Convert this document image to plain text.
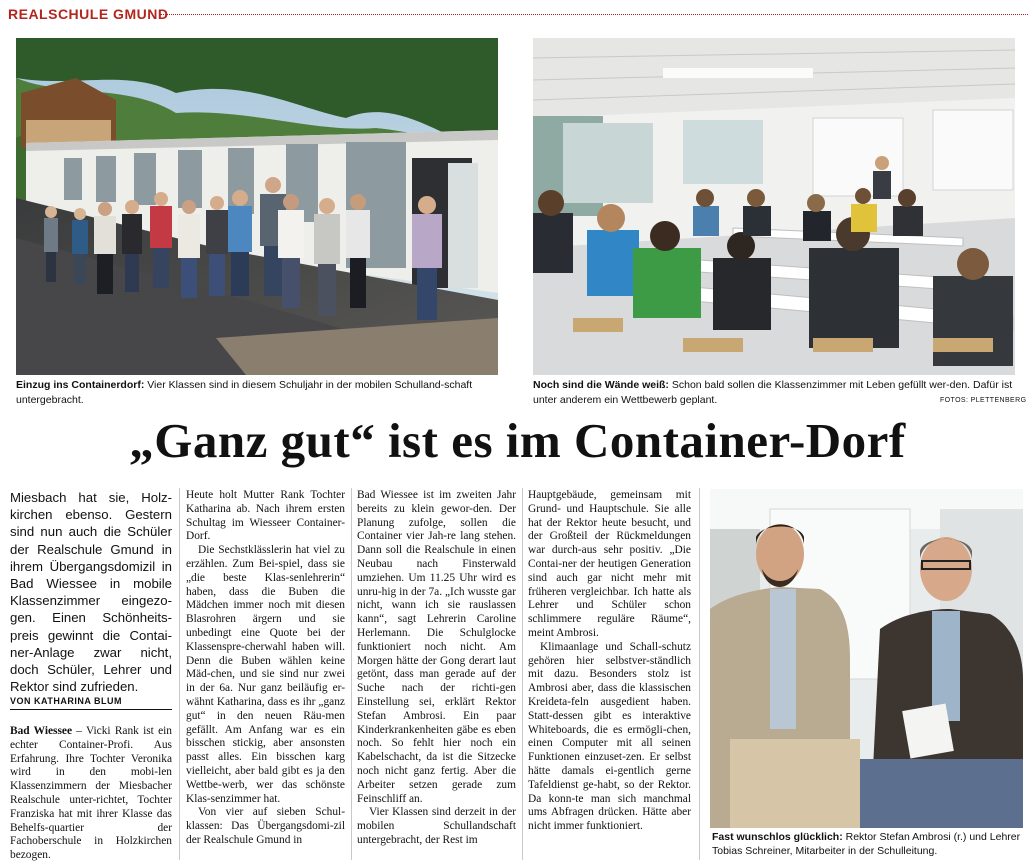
REALSCHULE GMUND
Einzug ins Containerdorf: Vier Klassen sind in diesem Schuljahr in der mobilen Schulland-schaft untergebracht.
Noch sind die Wände weiß: Schon bald sollen die Klassenzimmer mit Leben gefüllt wer-den. Dafür ist unter anderem ein Wettbewerb geplant.	FOTOS: PLETTENBERG
„Ganz gut“ ist es im Container-Dorf
Miesbach hat sie, Holz-kirchen ebenso. Gestern sind nun auch die Schüler der Realschule Gmund in ihrem Übergangsdomizil in Bad Wiessee in mobile Klassenzimmer eingezo-gen. Einen Schönheits-preis gewinnt die Contai-ner-Anlage zwar nicht, doch Schüler, Lehrer und Rektor sind zufrieden.
VON KATHARINA BLUM

Bad Wiessee – Vicki Rank ist ein echter Container-Profi. Aus Erfahrung. Ihre Tochter Veronika wird in den mobi-len Klassenzimmern der Miesbacher Realschule unter-richtet, Tochter Franziska hat mit ihrer Klasse das Behelfs-quartier der Fachoberschule in Holzkirchen bezogen.

Heute holt Mutter Rank Tochter Katharina ab. Nach ihrem ersten Schultag im Wiesseer Container-Dorf.

Die Sechstklässlerin hat viel zu erzählen. Zum Bei-spiel, dass sie „die beste Klas-senlehrerin“ haben, dass die Buben die Mädchen immer noch mit diesen Blasrohren ärgern und sie unbedingt eine Quote bei der Klassenspre-cherwahl haben will. Denn die Buben wählen keine Mäd-chen, und sie sind nur zwei in der 6a. Nur ganz beiläufig er-wähnt Katharina, dass es ihr „ganz gut“ in den neuen Räu-men gefällt. Am Anfang war es ein bisschen stickig, aber ansonsten passt alles. Ein bisschen karg vielleicht, aber bald gibt es ja den Wettbe-werb, wer das schönste Klas-senzimmer hat.

Von vier auf sieben Schul-klassen: Das Übergangsdomi-zil der Realschule Gmund in

Bad Wiessee ist im zweiten Jahr bereits zu klein gewor-den. Der Planung zufolge, sollen die Container vier Jah-re lang stehen. Dann soll die Realschule in einen Neubau nach Finsterwald umziehen. Um 11.25 Uhr wird es unru-hig in der 7a. „Ich wusste gar nicht, wann ich sie rauslassen kann“, sagt Lehrerin Caroline Herlemann. Die Schulglocke funktioniert noch nicht. Am Morgen hätte der Gong derart laut getönt, dass man gerade auf der Suche nach der richti-gen Einstellung sei, erklärt Rektor Stefan Ambrosi. Ein paar Kinderkrankenheiten gäbe es eben noch. So fehlt hier noch ein Kabelschacht, da ist die Sitzecke noch nicht ganz fertig. Aber die Arbeiter setzen gerade zum Feinschliff an.

Vier Klassen sind derzeit in der mobilen Schullandschaft untergebracht, der Rest im

Hauptgebäude, gemeinsam mit Grund- und Hauptschule. Sie alle hat der Rektor heute besucht, und der Großteil der Rückmeldungen war durch-aus sehr positiv. „Die Contai-ner der heutigen Generation sind auch gar nicht mehr mit früheren vergleichbar. Ich hatte als Lehrer und Schüler schon schlimmere reguläre Räume“, meint Ambrosi.

Klimaanlage und Schall-schutz gehören hier selbstver-ständlich mit dazu. Besonders stolz ist Ambrosi aber, dass die klassischen Kreideta-feln ausgedient haben. Statt-dessen gibt es interaktive Whiteboards, die es ermögli-chen, einen Computer mit all seinen Funktionen einzuset-zen. Er selbst hätte damals ei-gentlich gerne Tafeldienst ge-habt, so der Rektor. Da konn-te man sich manchmal ums Abfragen drücken. Hätte aber nicht immer funktioniert.

Fast wunschlos glücklich: Rektor Stefan Ambrosi (r.) und Lehrer Tobias Schreiner, Mitarbeiter in der Schulleitung.
